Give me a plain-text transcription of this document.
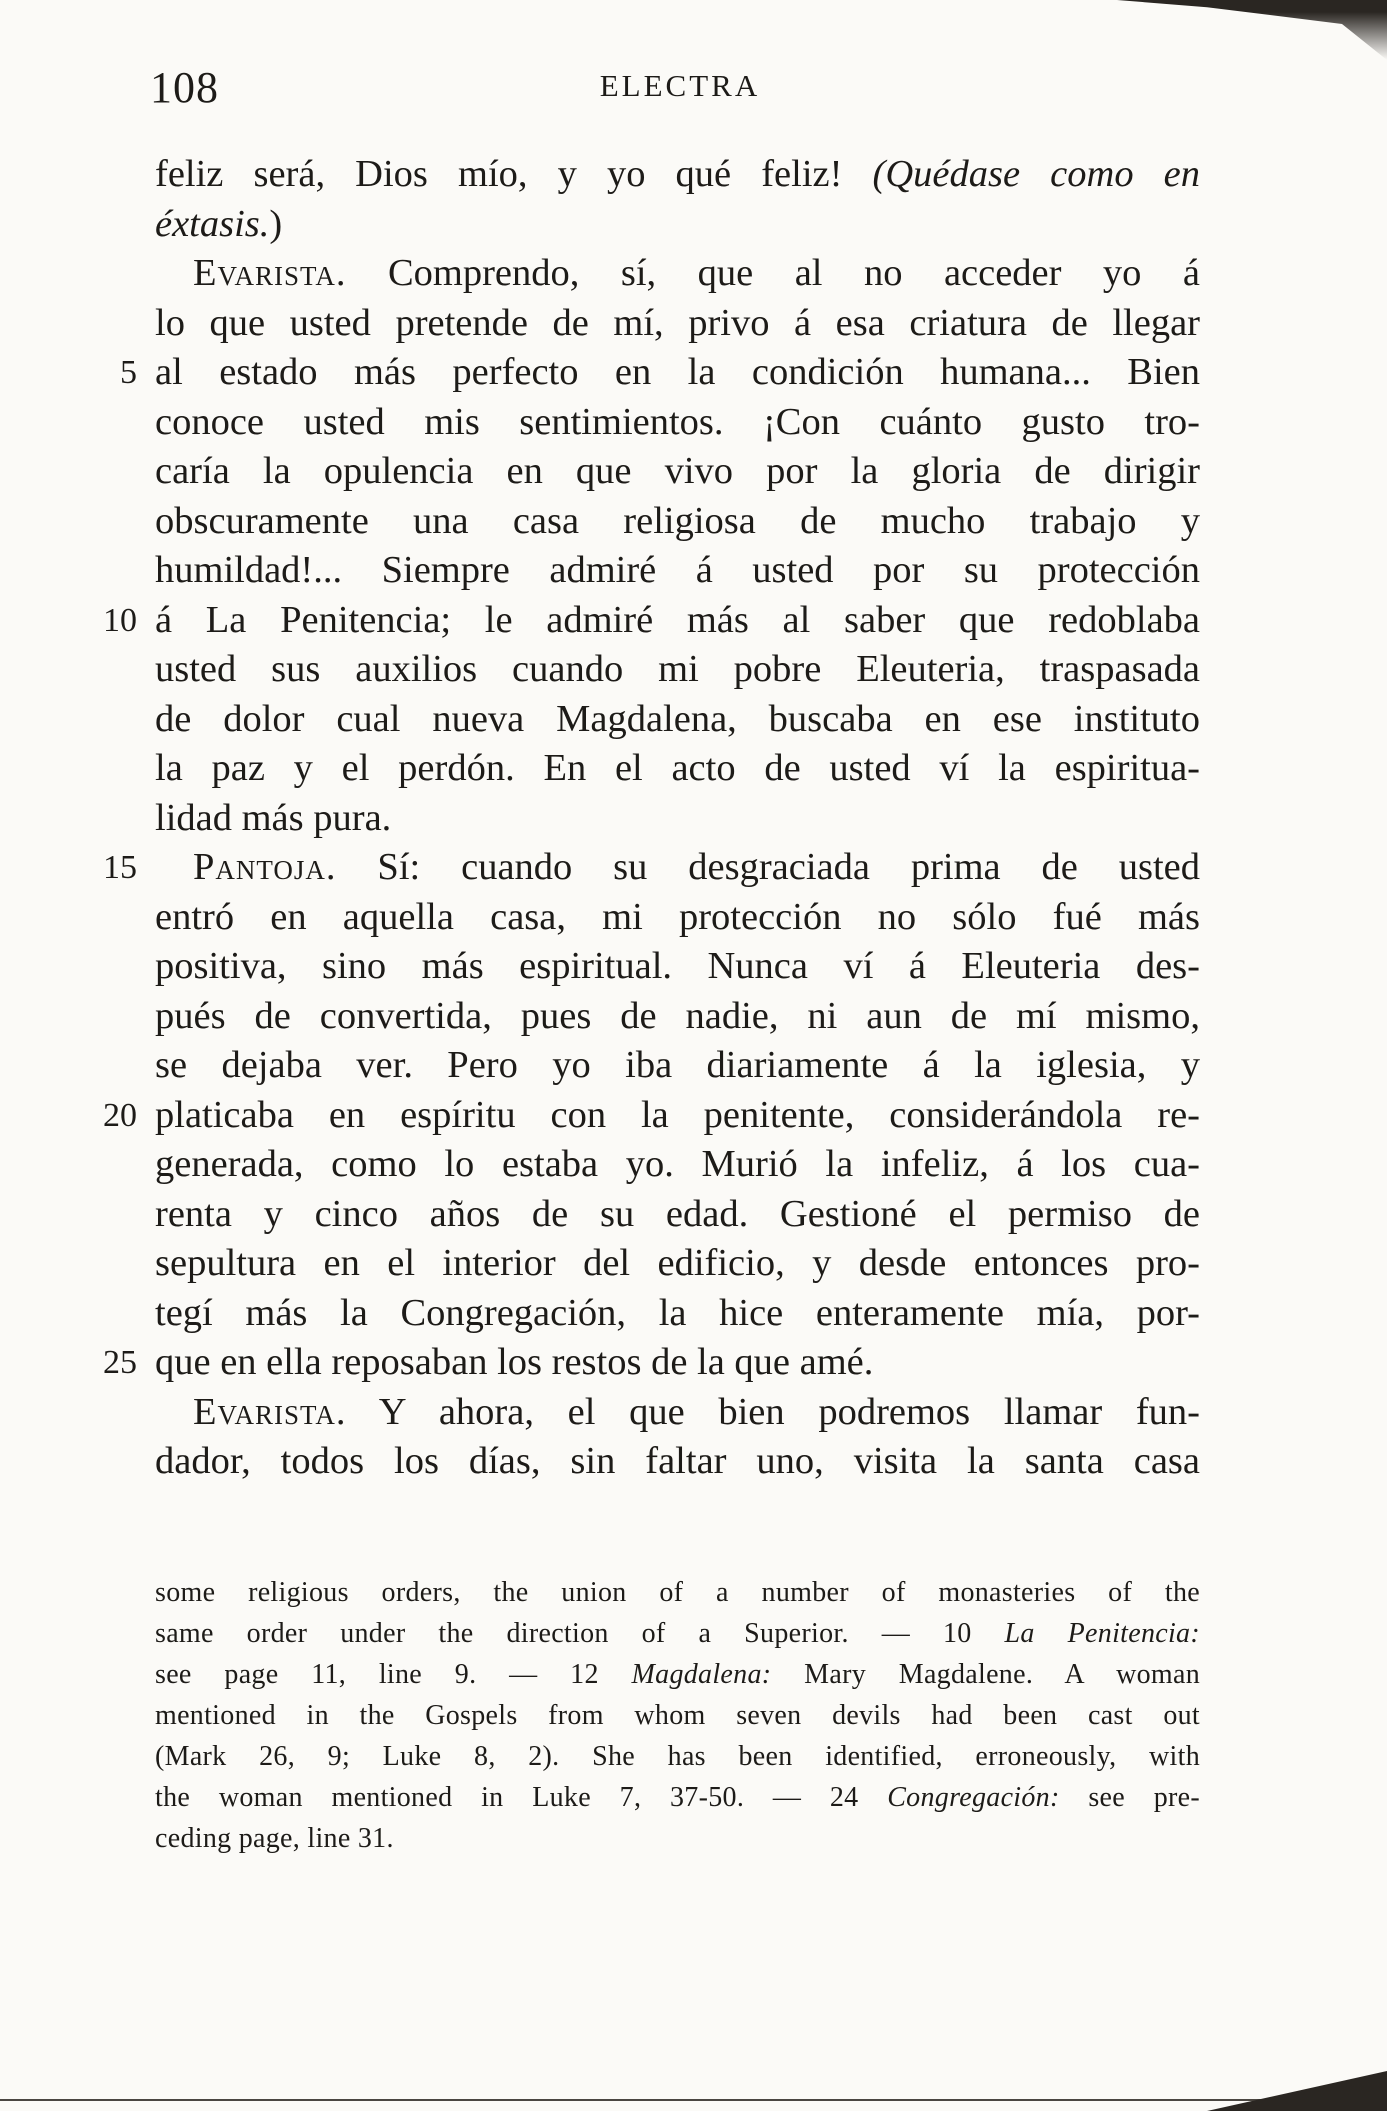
108	ELECTRA
feliz será, Dios mío, y yo qué feliz! (Quédase como en
éxtasis.)
Evarista. Comprendo, sí, que al no acceder yo á
lo que usted pretende de mí, privo á esa criatura de llegar
5 al estado más perfecto en la condición humana... Bien
conoce usted mis sentimientos. ¡Con cuánto gusto tro-
caría la opulencia en que vivo por la gloria de dirigir
obscuramente una casa religiosa de mucho trabajo y
humildad!... Siempre admiré á usted por su protección
10 á La Penitencia; le admiré más al saber que redoblaba
usted sus auxilios cuando mi pobre Eleuteria, traspasada
de dolor cual nueva Magdalena, buscaba en ese instituto
la paz y el perdón. En el acto de usted ví la espiritua-
lidad más pura.
15 Pantoja. Sí: cuando su desgraciada prima de usted
entró en aquella casa, mi protección no sólo fué más
positiva, sino más espiritual. Nunca ví á Eleuteria des-
pués de convertida, pues de nadie, ni aun de mí mismo,
se dejaba ver. Pero yo iba diariamente á la iglesia, y
20 platicaba en espíritu con la penitente, considerándola re-
generada, como lo estaba yo. Murió la infeliz, á los cua-
renta y cinco años de su edad. Gestioné el permiso de
sepultura en el interior del edificio, y desde entonces pro-
tegí más la Congregación, la hice enteramente mía, por-
25 que en ella reposaban los restos de la que amé.
Evarista. Y ahora, el que bien podremos llamar fun-
dador, todos los días, sin faltar uno, visita la santa casa
some religious orders, the union of a number of monasteries of the
same order under the direction of a Superior. — 10 La Penitencia:
see page 11, line 9. — 12 Magdalena: Mary Magdalene. A woman
mentioned in the Gospels from whom seven devils had been cast out
(Mark 26, 9; Luke 8, 2). She has been identified, erroneously, with
the woman mentioned in Luke 7, 37-50. — 24 Congregación: see pre-
ceding page, line 31.
